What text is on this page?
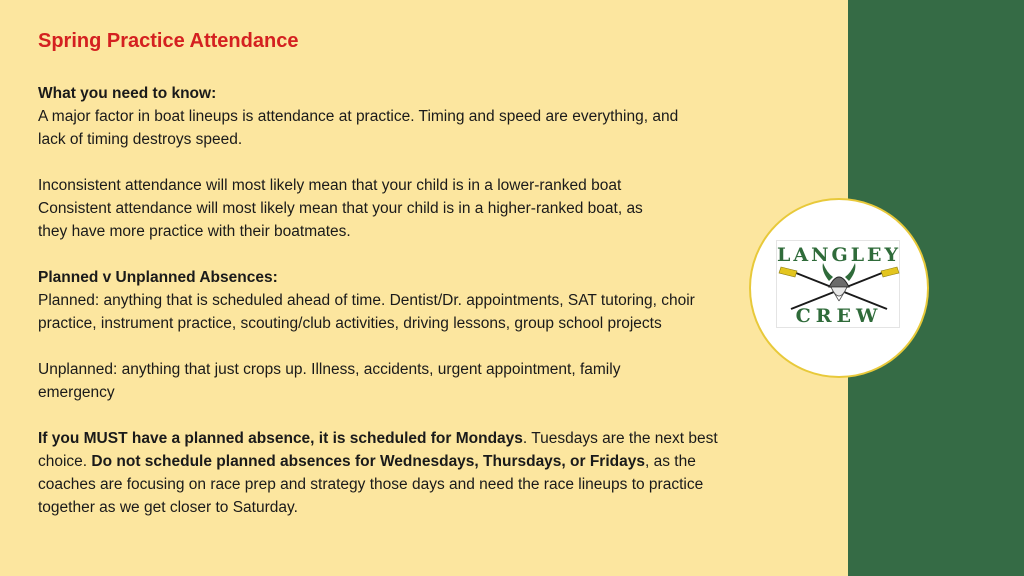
Spring Practice Attendance
What you need to know:
A major factor in boat lineups is attendance at practice. Timing and speed are everything, and
lack of timing destroys speed.
Inconsistent attendance will most likely mean that your child is in a lower-ranked boat
Consistent attendance will most likely mean that your child is in a higher-ranked boat, as
they have more practice with their boatmates.
Planned v Unplanned Absences:
Planned: anything that is scheduled ahead of time. Dentist/Dr. appointments, SAT tutoring, choir
practice, instrument practice, scouting/club activities, driving lessons, group school projects
Unplanned: anything that just crops up. Illness, accidents, urgent appointment, family
emergency
If you MUST have a planned absence, it is scheduled for Mondays. Tuesdays are the next best
choice. Do not schedule planned absences for Wednesdays, Thursdays, or Fridays, as the
coaches are focusing on race prep and strategy those days and need the race lineups to practice
together as we get closer to Saturday.
LANGLEY
CREW
